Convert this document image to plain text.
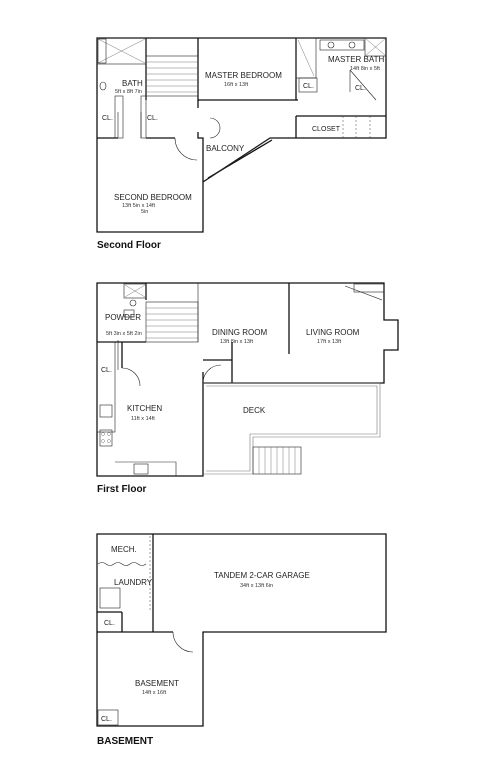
BATH
5ft x 8ft 7in
MASTER BEDROOM
16ft x 13ft
MASTER BATH
14ft 8in x 5ft
CLOSET
BALCONY
SECOND BEDROOM
13ft 5in x 14ft
5in
CL.	CL.
CL.	CL.
Second Floor
POWDER
5ft 3in x 5ft 2in	DINING ROOM
13ft 8in x 13ft
LIVING ROOM
17ft x 13ft
KITCHEN
11ft x 14ft
DECK
CL.
First Floor
MECH.
LAUNDRY
TANDEM 2-CAR GARAGE
34ft x 13ft 6in
BASEMENT
14ft x 16ft
CL.
CL.
BASEMENT
